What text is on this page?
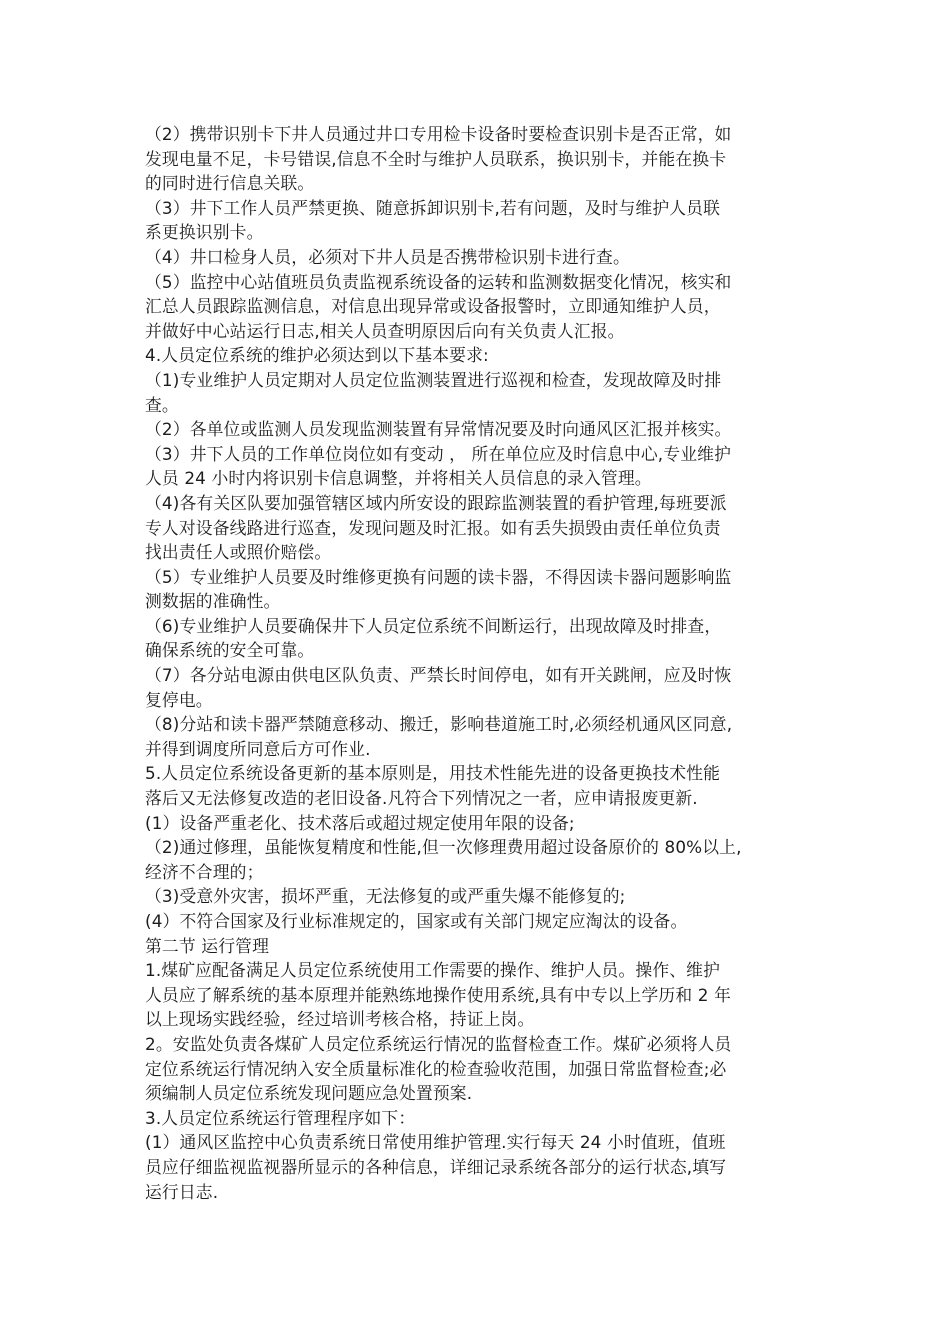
（2）携带识别卡下井人员通过井口专用检卡设备时要检查识别卡是否正常，如
发现电量不足，卡号错误,信息不全时与维护人员联系，换识别卡，并能在换卡
的同时进行信息关联。
（3）井下工作人员严禁更换、随意拆卸识别卡,若有问题，及时与维护人员联
系更换识别卡。
（4）井口检身人员，必须对下井人员是否携带检识别卡进行查。
（5）监控中心站值班员负责监视系统设备的运转和监测数据变化情况，核实和
汇总人员跟踪监测信息，对信息出现异常或设备报警时，立即通知维护人员，
并做好中心站运行日志,相关人员查明原因后向有关负责人汇报。
4.人员定位系统的维护必须达到以下基本要求:
（1)专业维护人员定期对人员定位监测装置进行巡视和检查，发现故障及时排
查。
（2）各单位或监测人员发现监测装置有异常情况要及时向通风区汇报并核实。
（3）井下人员的工作单位岗位如有变动 ， 所在单位应及时信息中心,专业维护
人员 24 小时内将识别卡信息调整，并将相关人员信息的录入管理。
（4)各有关区队要加强管辖区域内所安设的跟踪监测装置的看护管理,每班要派
专人对设备线路进行巡查，发现问题及时汇报。如有丢失损毁由责任单位负责
找出责任人或照价赔偿。
（5）专业维护人员要及时维修更换有问题的读卡器，不得因读卡器问题影响监
测数据的准确性。
（6)专业维护人员要确保井下人员定位系统不间断运行，出现故障及时排查，
确保系统的安全可靠。
（7）各分站电源由供电区队负责、严禁长时间停电，如有开关跳闸，应及时恢
复停电。
（8)分站和读卡器严禁随意移动、搬迁，影响巷道施工时,必须经机通风区同意,
并得到调度所同意后方可作业.
5.人员定位系统设备更新的基本原则是，用技术性能先进的设备更换技术性能
落后又无法修复改造的老旧设备.凡符合下列情况之一者，应申请报废更新.
(1）设备严重老化、技术落后或超过规定使用年限的设备;
（2)通过修理，虽能恢复精度和性能,但一次修理费用超过设备原价的 80%以上,
经济不合理的；
（3)受意外灾害，损坏严重，无法修复的或严重失爆不能修复的;
(4）不符合国家及行业标准规定的，国家或有关部门规定应淘汰的设备。
第二节 运行管理
1.煤矿应配备满足人员定位系统使用工作需要的操作、维护人员。操作、维护
人员应了解系统的基本原理并能熟练地操作使用系统,具有中专以上学历和 2 年
以上现场实践经验，经过培训考核合格，持证上岗。
2。安监处负责各煤矿人员定位系统运行情况的监督检查工作。煤矿必须将人员
定位系统运行情况纳入安全质量标准化的检查验收范围，加强日常监督检查;必
须编制人员定位系统发现问题应急处置预案.
3.人员定位系统运行管理程序如下：
(1）通风区监控中心负责系统日常使用维护管理.实行每天 24 小时值班，值班
员应仔细监视监视器所显示的各种信息，详细记录系统各部分的运行状态,填写
运行日志.
